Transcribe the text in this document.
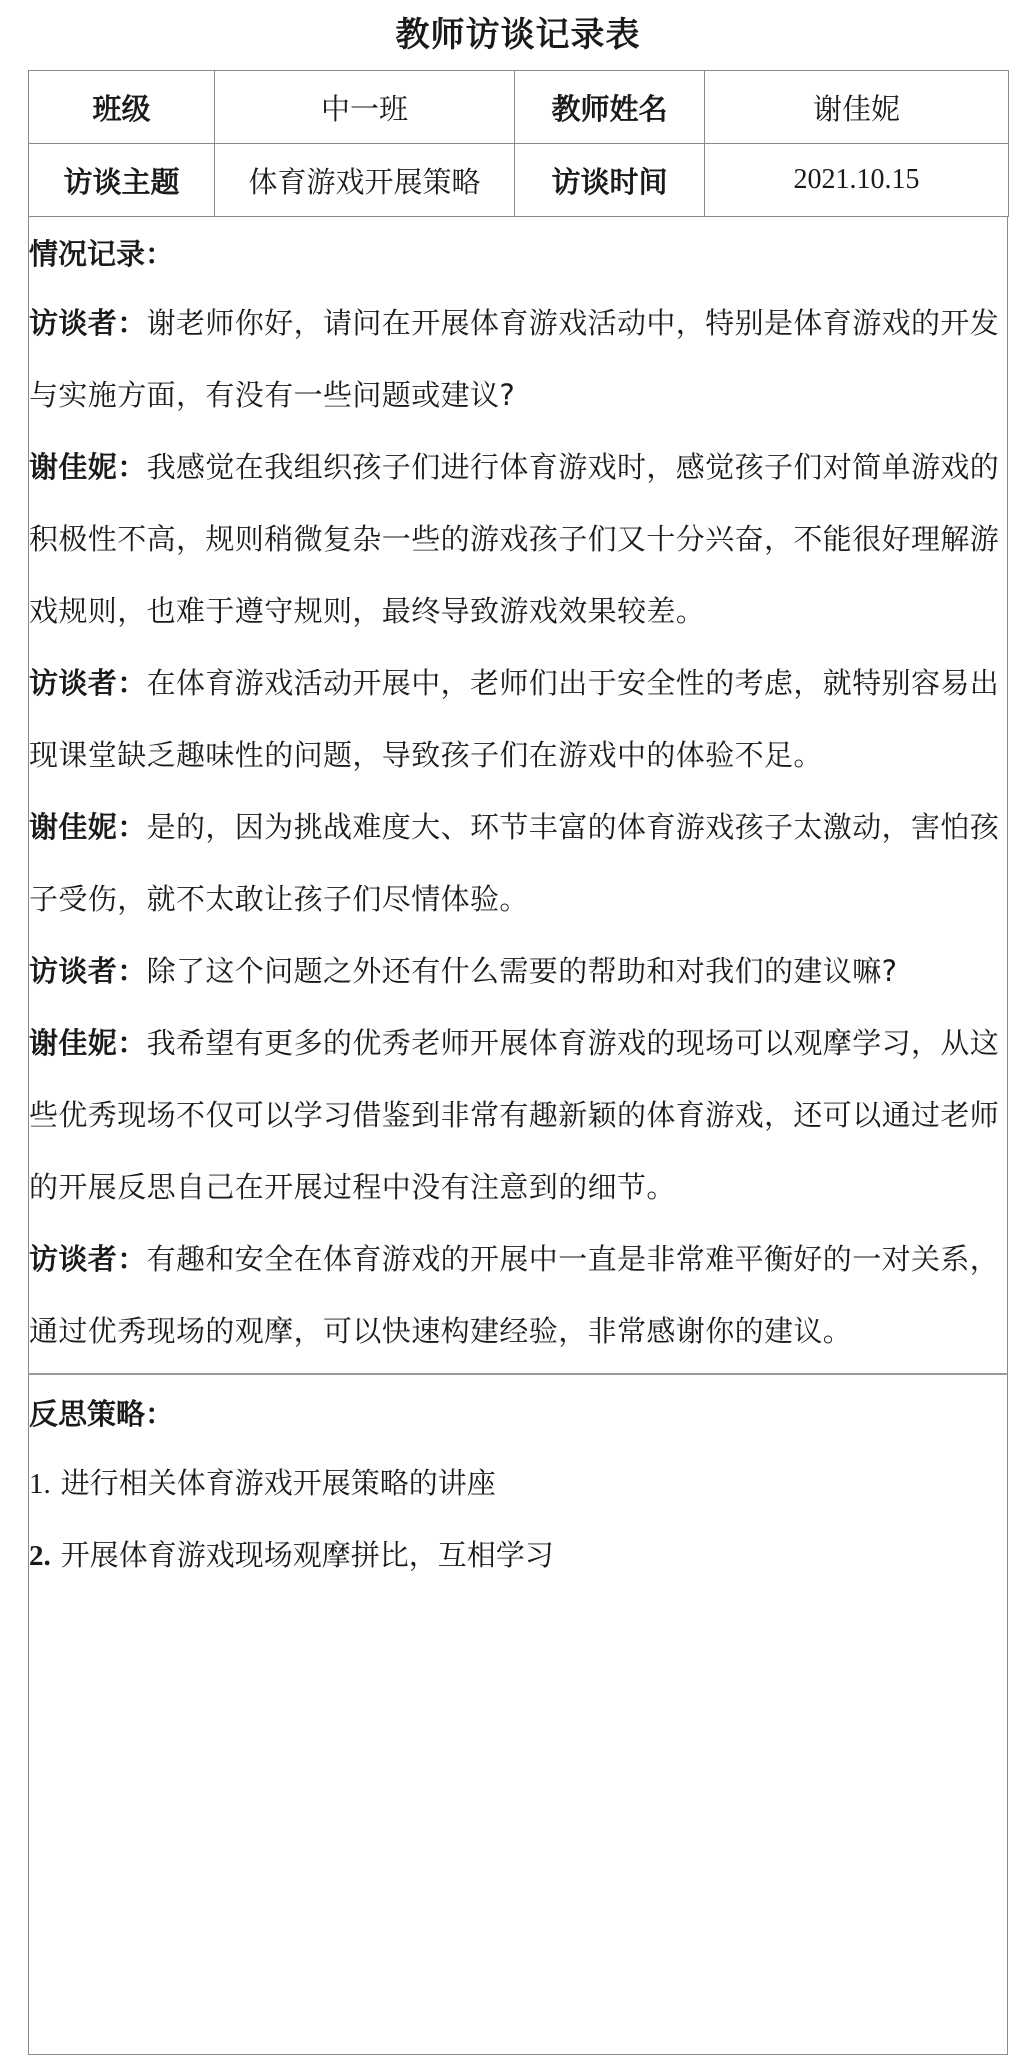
教师访谈记录表
班级	中一班	教师姓名	谢佳妮
访谈主题	体育游戏开展策略	访谈时间	2021.10.15
情况记录：

访谈者：谢老师你好，请问在开展体育游戏活动中，特别是体育游戏的开发与实施方面，有没有一些问题或建议?

谢佳妮：我感觉在我组织孩子们进行体育游戏时，感觉孩子们对简单游戏的积极性不高，规则稍微复杂一些的游戏孩子们又十分兴奋，不能很好理解游戏规则，也难于遵守规则，最终导致游戏效果较差。

访谈者：在体育游戏活动开展中，老师们出于安全性的考虑，就特别容易出现课堂缺乏趣味性的问题，导致孩子们在游戏中的体验不足。

谢佳妮：是的，因为挑战难度大、环节丰富的体育游戏孩子太激动，害怕孩子受伤，就不太敢让孩子们尽情体验。

访谈者：除了这个问题之外还有什么需要的帮助和对我们的建议嘛?

谢佳妮：我希望有更多的优秀老师开展体育游戏的现场可以观摩学习，从这些优秀现场不仅可以学习借鉴到非常有趣新颖的体育游戏，还可以通过老师的开展反思自己在开展过程中没有注意到的细节。

访谈者：有趣和安全在体育游戏的开展中一直是非常难平衡好的一对关系，通过优秀现场的观摩，可以快速构建经验，非常感谢你的建议。

反思策略：
1. 进行相关体育游戏开展策略的讲座
2. 开展体育游戏现场观摩拼比，互相学习
